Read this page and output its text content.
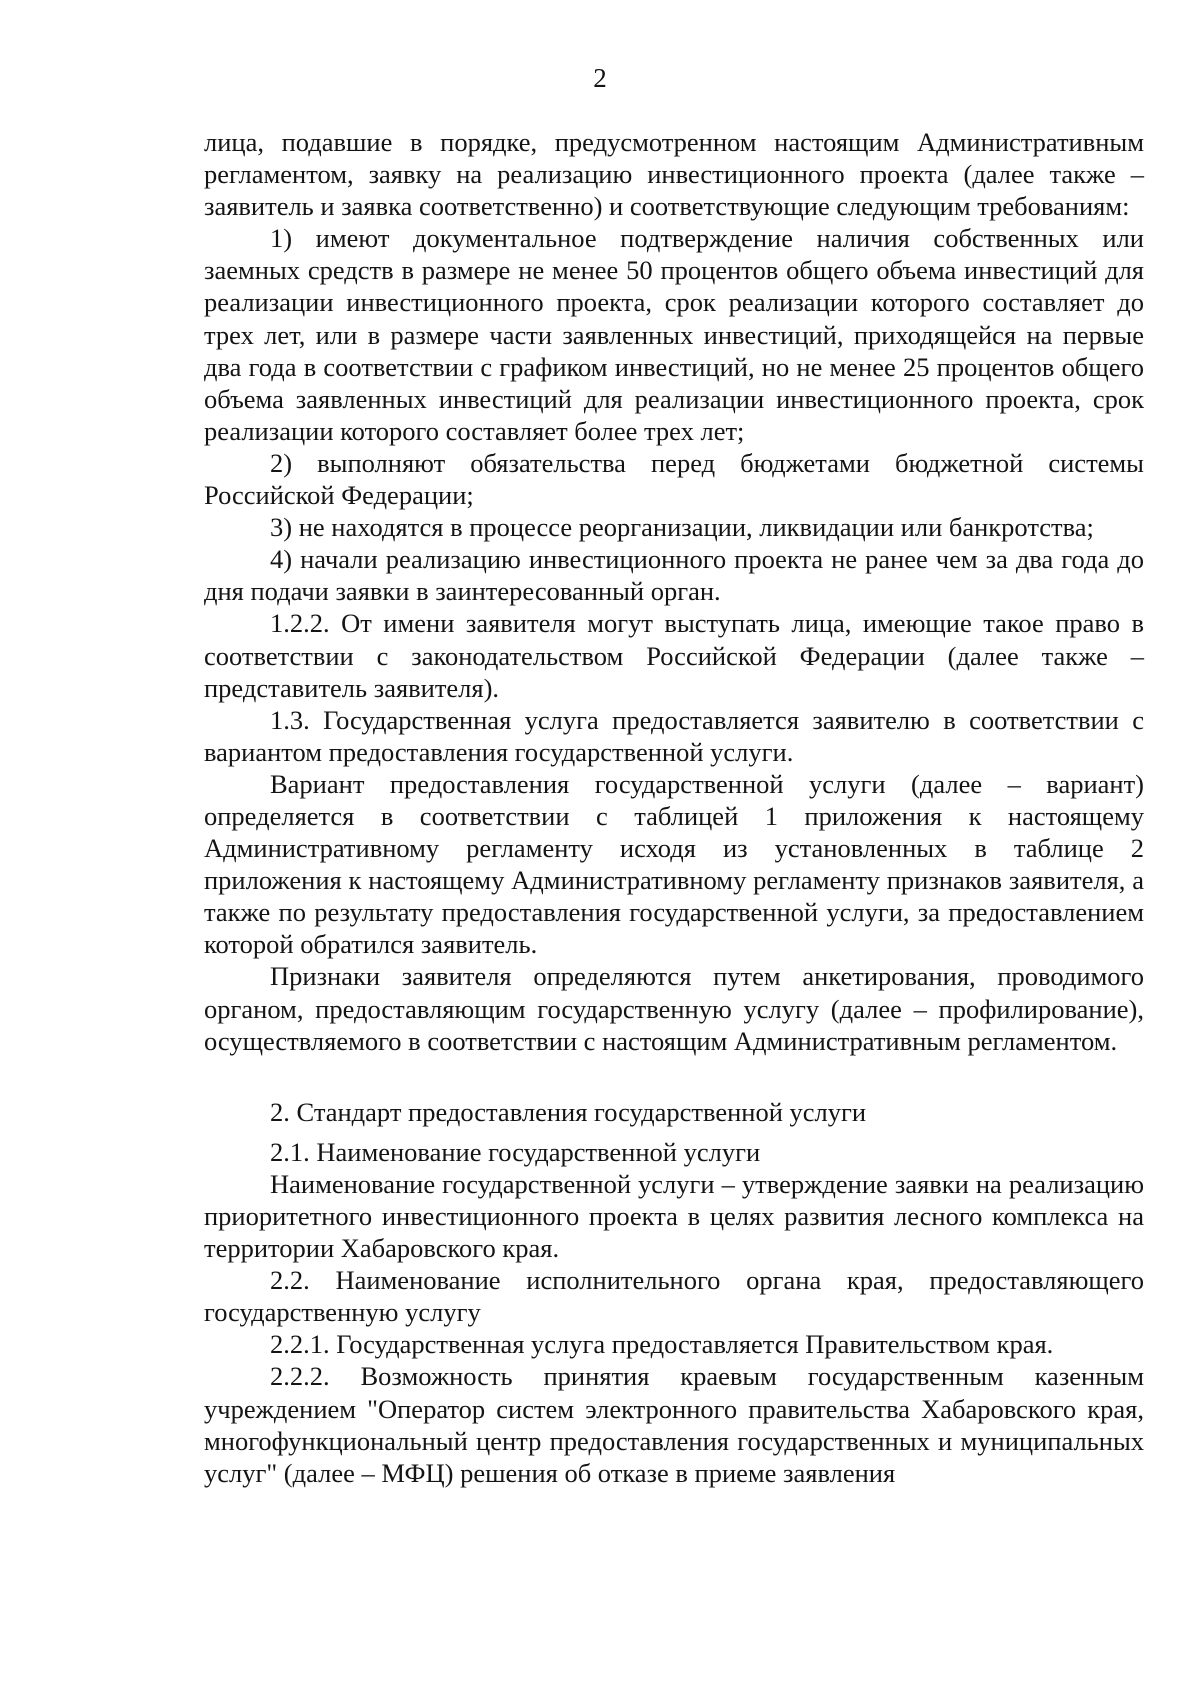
2

лица, подавшие в порядке, предусмотренном настоящим Административным регламентом, заявку на реализацию инвестиционного проекта (далее также – заявитель и заявка соответственно) и соответствующие следующим требованиям:

1) имеют документальное подтверждение наличия собственных или заемных средств в размере не менее 50 процентов общего объема инвестиций для реализации инвестиционного проекта, срок реализации которого составляет до трех лет, или в размере части заявленных инвестиций, приходящейся на первые два года в соответствии с графиком инвестиций, но не менее 25 процентов общего объема заявленных инвестиций для реализации инвестиционного проекта, срок реализации которого составляет более трех лет;

2) выполняют обязательства перед бюджетами бюджетной системы Российской Федерации;

3) не находятся в процессе реорганизации, ликвидации или банкротства;

4) начали реализацию инвестиционного проекта не ранее чем за два года до дня подачи заявки в заинтересованный орган.

1.2.2. От имени заявителя могут выступать лица, имеющие такое право в соответствии с законодательством Российской Федерации (далее также – представитель заявителя).

1.3. Государственная услуга предоставляется заявителю в соответствии с вариантом предоставления государственной услуги.

Вариант предоставления государственной услуги (далее – вариант) определяется в соответствии с таблицей 1 приложения к настоящему Административному регламенту исходя из установленных в таблице 2 приложения к настоящему Административному регламенту признаков заявителя, а также по результату предоставления государственной услуги, за предоставлением которой обратился заявитель.

Признаки заявителя определяются путем анкетирования, проводимого органом, предоставляющим государственную услугу (далее – профилирование), осуществляемого в соответствии с настоящим Административным регламентом.

2. Стандарт предоставления государственной услуги

2.1. Наименование государственной услуги

Наименование государственной услуги – утверждение заявки на реализацию приоритетного инвестиционного проекта в целях развития лесного комплекса на территории Хабаровского края.

2.2. Наименование исполнительного органа края, предоставляющего государственную услугу

2.2.1. Государственная услуга предоставляется Правительством края.

2.2.2. Возможность принятия краевым государственным казенным учреждением "Оператор систем электронного правительства Хабаровского края, многофункциональный центр предоставления государственных и муниципальных услуг" (далее – МФЦ) решения об отказе в приеме заявления
